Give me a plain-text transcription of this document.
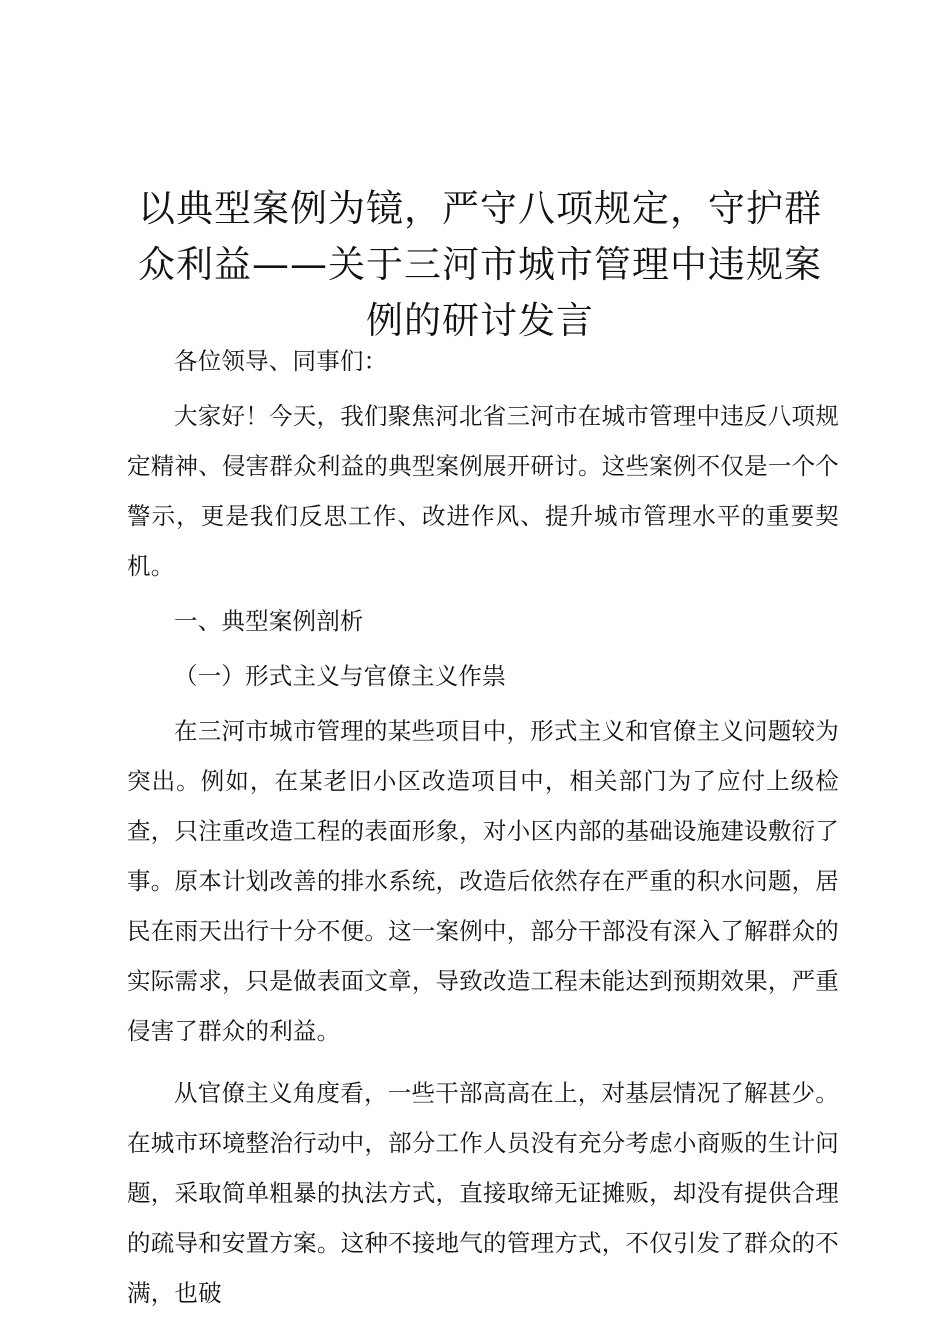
以典型案例为镜，严守八项规定，守护群众利益——关于三河市城市管理中违规案例的研讨发言

各位领导、同事们：

大家好！今天，我们聚焦河北省三河市在城市管理中违反八项规定精神、侵害群众利益的典型案例展开研讨。这些案例不仅是一个个警示，更是我们反思工作、改进作风、提升城市管理水平的重要契机。

一、典型案例剖析

（一）形式主义与官僚主义作祟

在三河市城市管理的某些项目中，形式主义和官僚主义问题较为突出。例如，在某老旧小区改造项目中，相关部门为了应付上级检查，只注重改造工程的表面形象，对小区内部的基础设施建设敷衍了事。原本计划改善的排水系统，改造后依然存在严重的积水问题，居民在雨天出行十分不便。这一案例中，部分干部没有深入了解群众的实际需求，只是做表面文章，导致改造工程未能达到预期效果，严重侵害了群众的利益。

从官僚主义角度看，一些干部高高在上，对基层情况了解甚少。在城市环境整治行动中，部分工作人员没有充分考虑小商贩的生计问题，采取简单粗暴的执法方式，直接取缔无证摊贩，却没有提供合理的疏导和安置方案。这种不接地气的管理方式，不仅引发了群众的不满，也破
